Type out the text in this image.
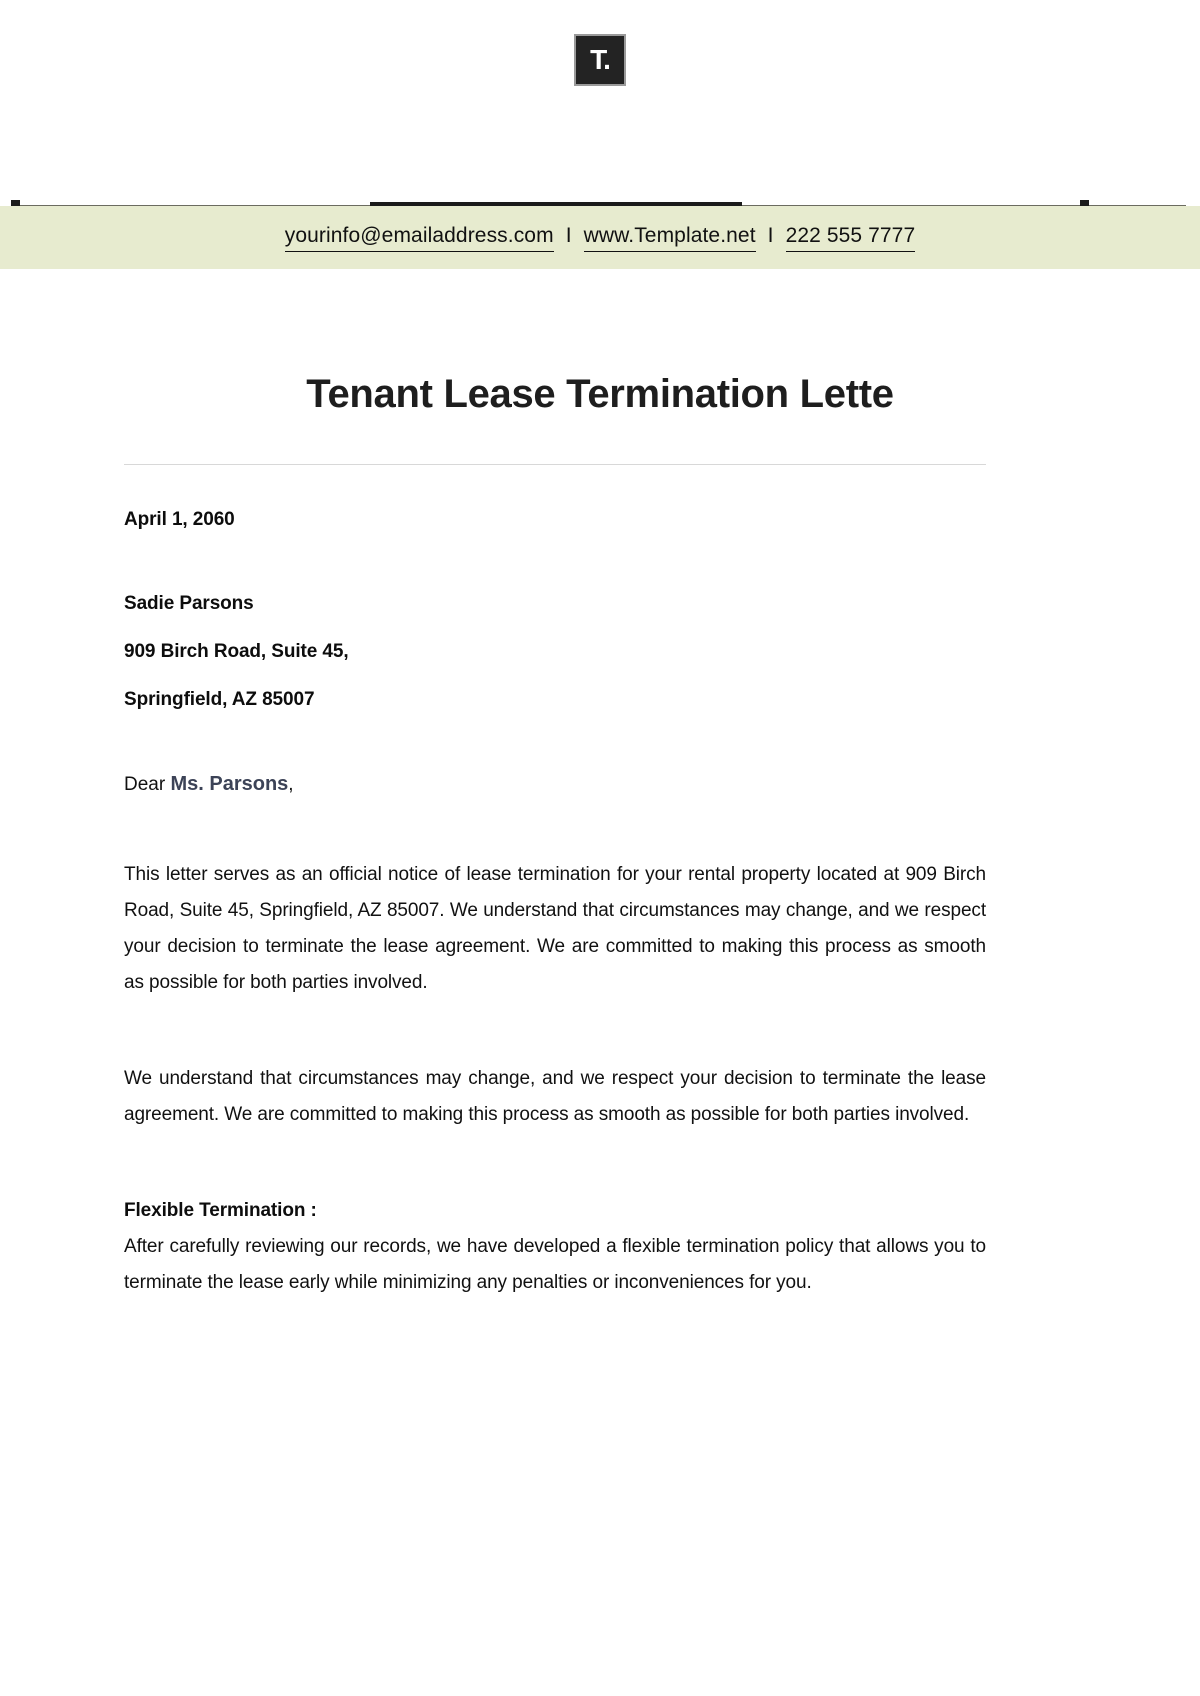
T.
yourinfo@emailaddress.com I www.Template.net I 222 555 7777
Tenant Lease Termination Lette
April 1, 2060
Sadie Parsons
909 Birch Road, Suite 45,
Springfield, AZ 85007
Dear Ms. Parsons,

This letter serves as an official notice of lease termination for your rental property located at 909 Birch Road, Suite 45, Springfield, AZ 85007. We understand that circumstances may change, and we respect your decision to terminate the lease agreement. We are committed to making this process as smooth as possible for both parties involved.

We understand that circumstances may change, and we respect your decision to terminate the lease agreement. We are committed to making this process as smooth as possible for both parties involved.

Flexible Termination :

After carefully reviewing our records, we have developed a flexible termination policy that allows you to terminate the lease early while minimizing any penalties or inconveniences for you.
